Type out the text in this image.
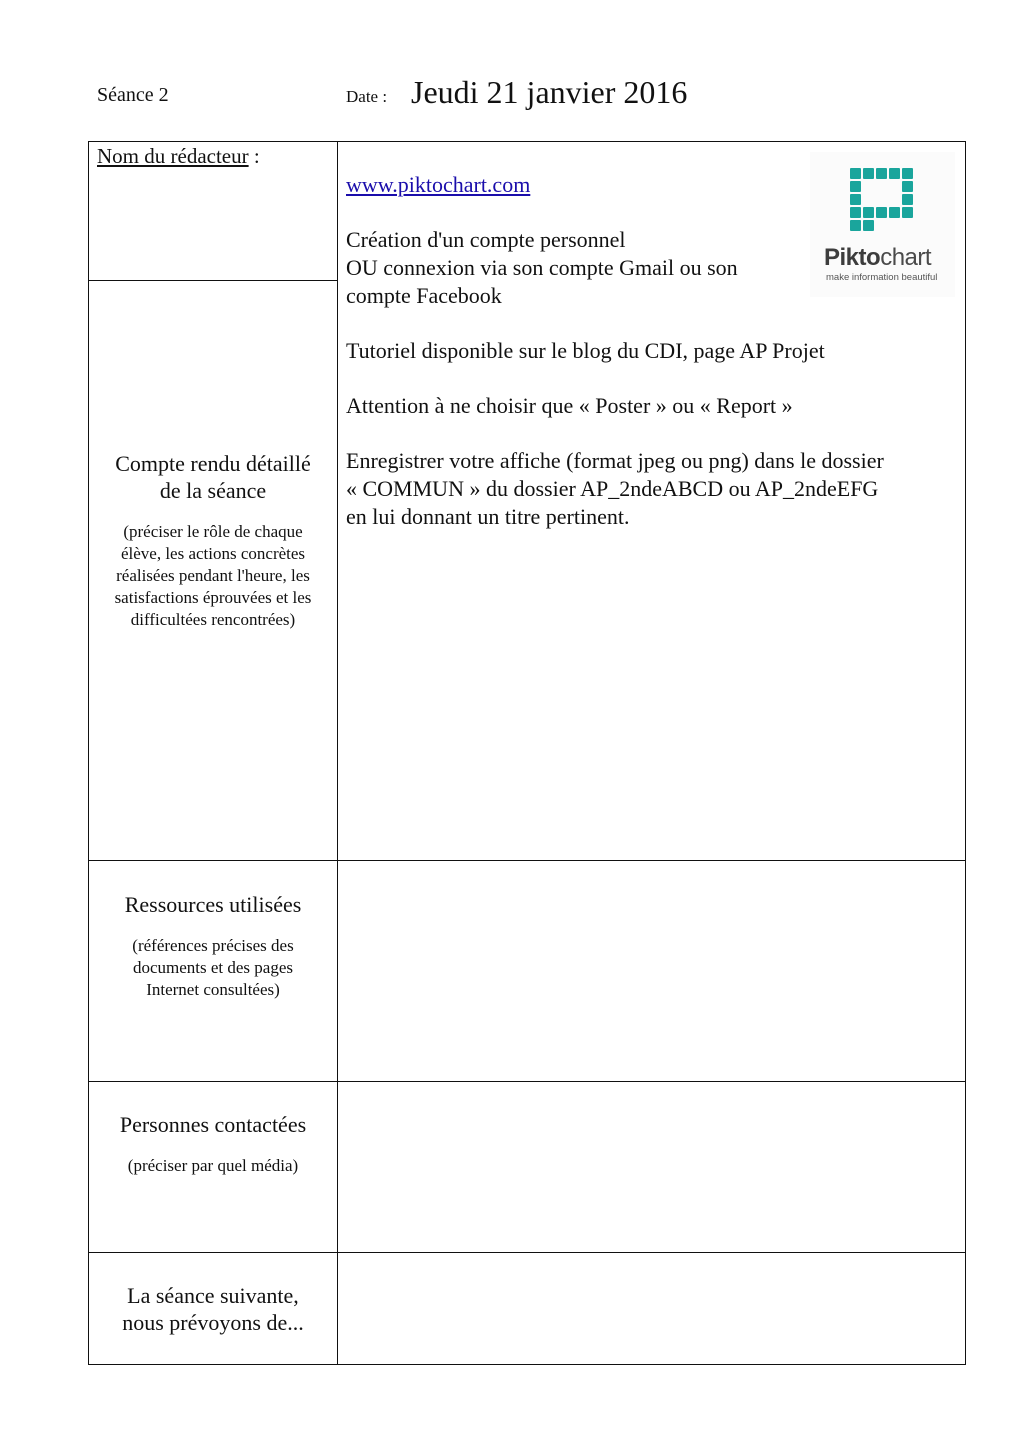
Séance 2	Date : Jeudi 21 janvier 2016
Nom du rédacteur :
Compte rendu détaillé
de la séance
(préciser le rôle de chaque
élève, les actions concrètes
réalisées pendant l'heure, les
satisfactions éprouvées et les
difficultées rencontrées)
Ressources utilisées
(références précises des
documents et des pages
Internet consultées)
Personnes contactées
(préciser par quel média)
La séance suivante,
nous prévoyons de...

www.piktochart.com

Création d'un compte personnel

OU connexion via son compte Gmail ou son

compte Facebook

Tutoriel disponible sur le blog du CDI, page AP Projet

Attention à ne choisir que « Poster » ou « Report »

Enregistrer votre affiche (format jpeg ou png) dans le dossier

« COMMUN » du dossier AP_2ndeABCD ou AP_2ndeEFG

en lui donnant un titre pertinent.

Piktochart
make information beautiful
